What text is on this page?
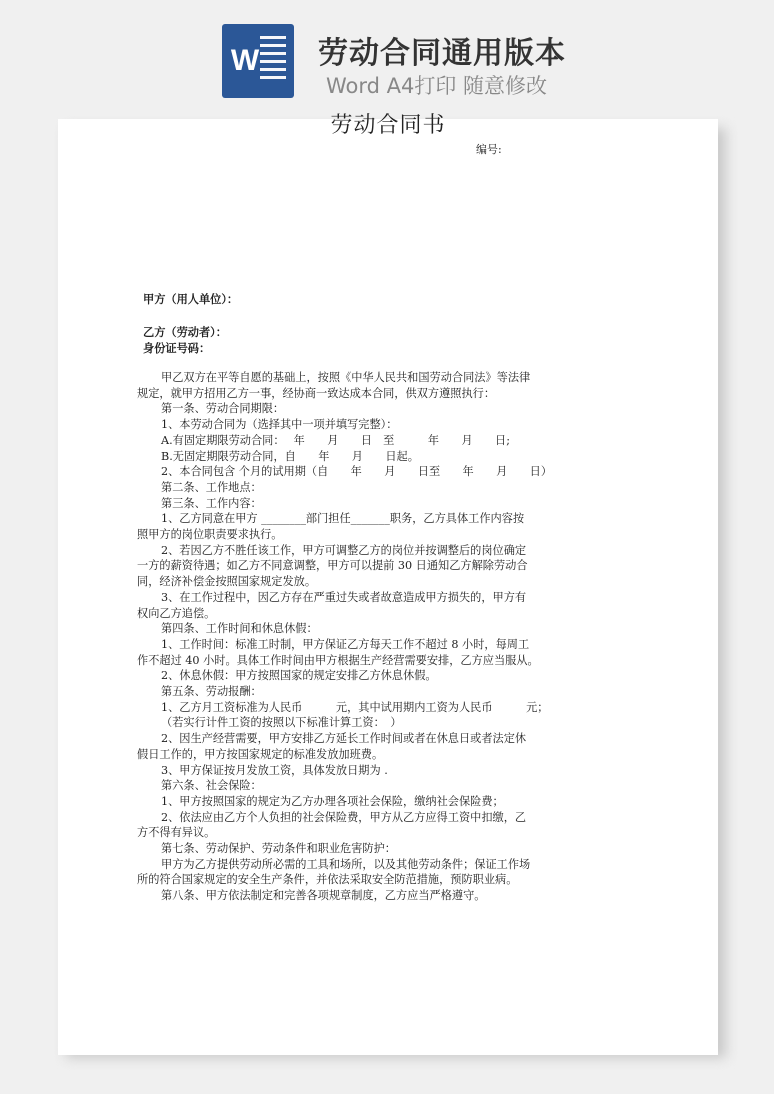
W 劳动合同通用版本
Word A4打印 随意修改
劳动合同书
编号:
甲方（用人单位）：
乙方（劳动者）：
身份证号码：
甲乙双方在平等自愿的基础上，按照《中华人民共和国劳动合同法》等法律
规定，就甲方招用乙方一事，经协商一致达成本合同，供双方遵照执行：
第一条、劳动合同期限：
1、本劳动合同为（选择其中一项并填写完整）：
A.有固定期限劳动合同：　 年　　月　　日　至　　　年　　月　　日;
B.无固定期限劳动合同，自　　年　　月　　日起。
2、本合同包含 个月的试用期（自　　年　　月　　日至　　年　　月　　日）
第二条、工作地点：
第三条、工作内容：
1、乙方同意在甲方 ________部门担任_______职务，乙方具体工作内容按
照甲方的岗位职责要求执行。
2、若因乙方不胜任该工作，甲方可调整乙方的岗位并按调整后的岗位确定
一方的薪资待遇；如乙方不同意调整，甲方可以提前 30 日通知乙方解除劳动合
同，经济补偿金按照国家规定发放。
3、在工作过程中，因乙方存在严重过失或者故意造成甲方损失的，甲方有
权向乙方追偿。
第四条、工作时间和休息休假：
1、工作时间：标准工时制，甲方保证乙方每天工作不超过 8 小时，每周工
作不超过 40 小时。具体工作时间由甲方根据生产经营需要安排，乙方应当服从。
2、休息休假：甲方按照国家的规定安排乙方休息休假。
第五条、劳动报酬：
1、乙方月工资标准为人民币　　　元，其中试用期内工资为人民币　　　元；
（若实行计件工资的按照以下标准计算工资：　）
2、因生产经营需要，甲方安排乙方延长工作时间或者在休息日或者法定休
假日工作的，甲方按国家规定的标准发放加班费。
3、甲方保证按月发放工资，具体发放日期为 .
第六条、社会保险：
1、甲方按照国家的规定为乙方办理各项社会保险，缴纳社会保险费；
2、依法应由乙方个人负担的社会保险费，甲方从乙方应得工资中扣缴，乙
方不得有异议。
第七条、劳动保护、劳动条件和职业危害防护：
甲方为乙方提供劳动所必需的工具和场所，以及其他劳动条件；保证工作场
所的符合国家规定的安全生产条件，并依法采取安全防范措施，预防职业病。
第八条、甲方依法制定和完善各项规章制度，乙方应当严格遵守。
